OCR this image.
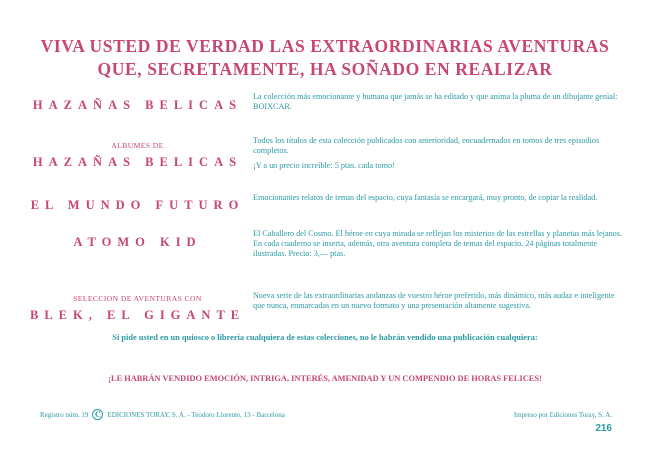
VIVA USTED DE VERDAD LAS EXTRAORDINARIAS AVENTURAS
QUE, SECRETAMENTE, HA SOÑADO EN REALIZAR
HAZAÑAS BELICAS

La colección más emocionante y humana que jamás se ha editado y que anima la pluma de un dibujante genial: BOIXCAR.

ALBUMES DE
HAZAÑAS BELICAS

Todos los títulos de esta colección publicados con anterioridad, encuadernados en tomos de tres episodios completos.

¡Y a un precio increíble: 5 ptas. cada tomo!

EL MUNDO FUTURO

Emocionantes relatos de temas del espacio, cuya fantasía se encargará, muy pronto, de copiar la realidad.

ATOMO KID

El Caballero del Cosmo. El héroe en cuya mirada se reflejan los misterios de las estrellas y planetas más lejanos.

En cada cuaderno se inserta, además, otra aventura completa de temas del espacio. 24 páginas totalmente ilustradas. Precio: 3,— ptas.

SELECCION DE AVENTURAS CON
BLEK, EL GIGANTE

Nueva serie de las extraordinarias andanzas de vuestro héroe preferido, más dinámico, más audaz e inteligente que nunca, enmarcadas en un nuevo formato y una presentación altamente sugestiva.

Si pide usted en un quiosco o librería cualquiera de estas colecciones, no le habrán vendido una publicación cualquiera:
¡LE HABRÁN VENDIDO EMOCIÓN, INTRIGA, INTERÉS, AMENIDAD Y UN COMPENDIO DE HORAS FELICES!
Registro núm. 19 C EDICIONES TORAY, S. A. - Teodoro Llorente, 13 - Barcelona	Impreso por Ediciones Toray, S. A.
216
